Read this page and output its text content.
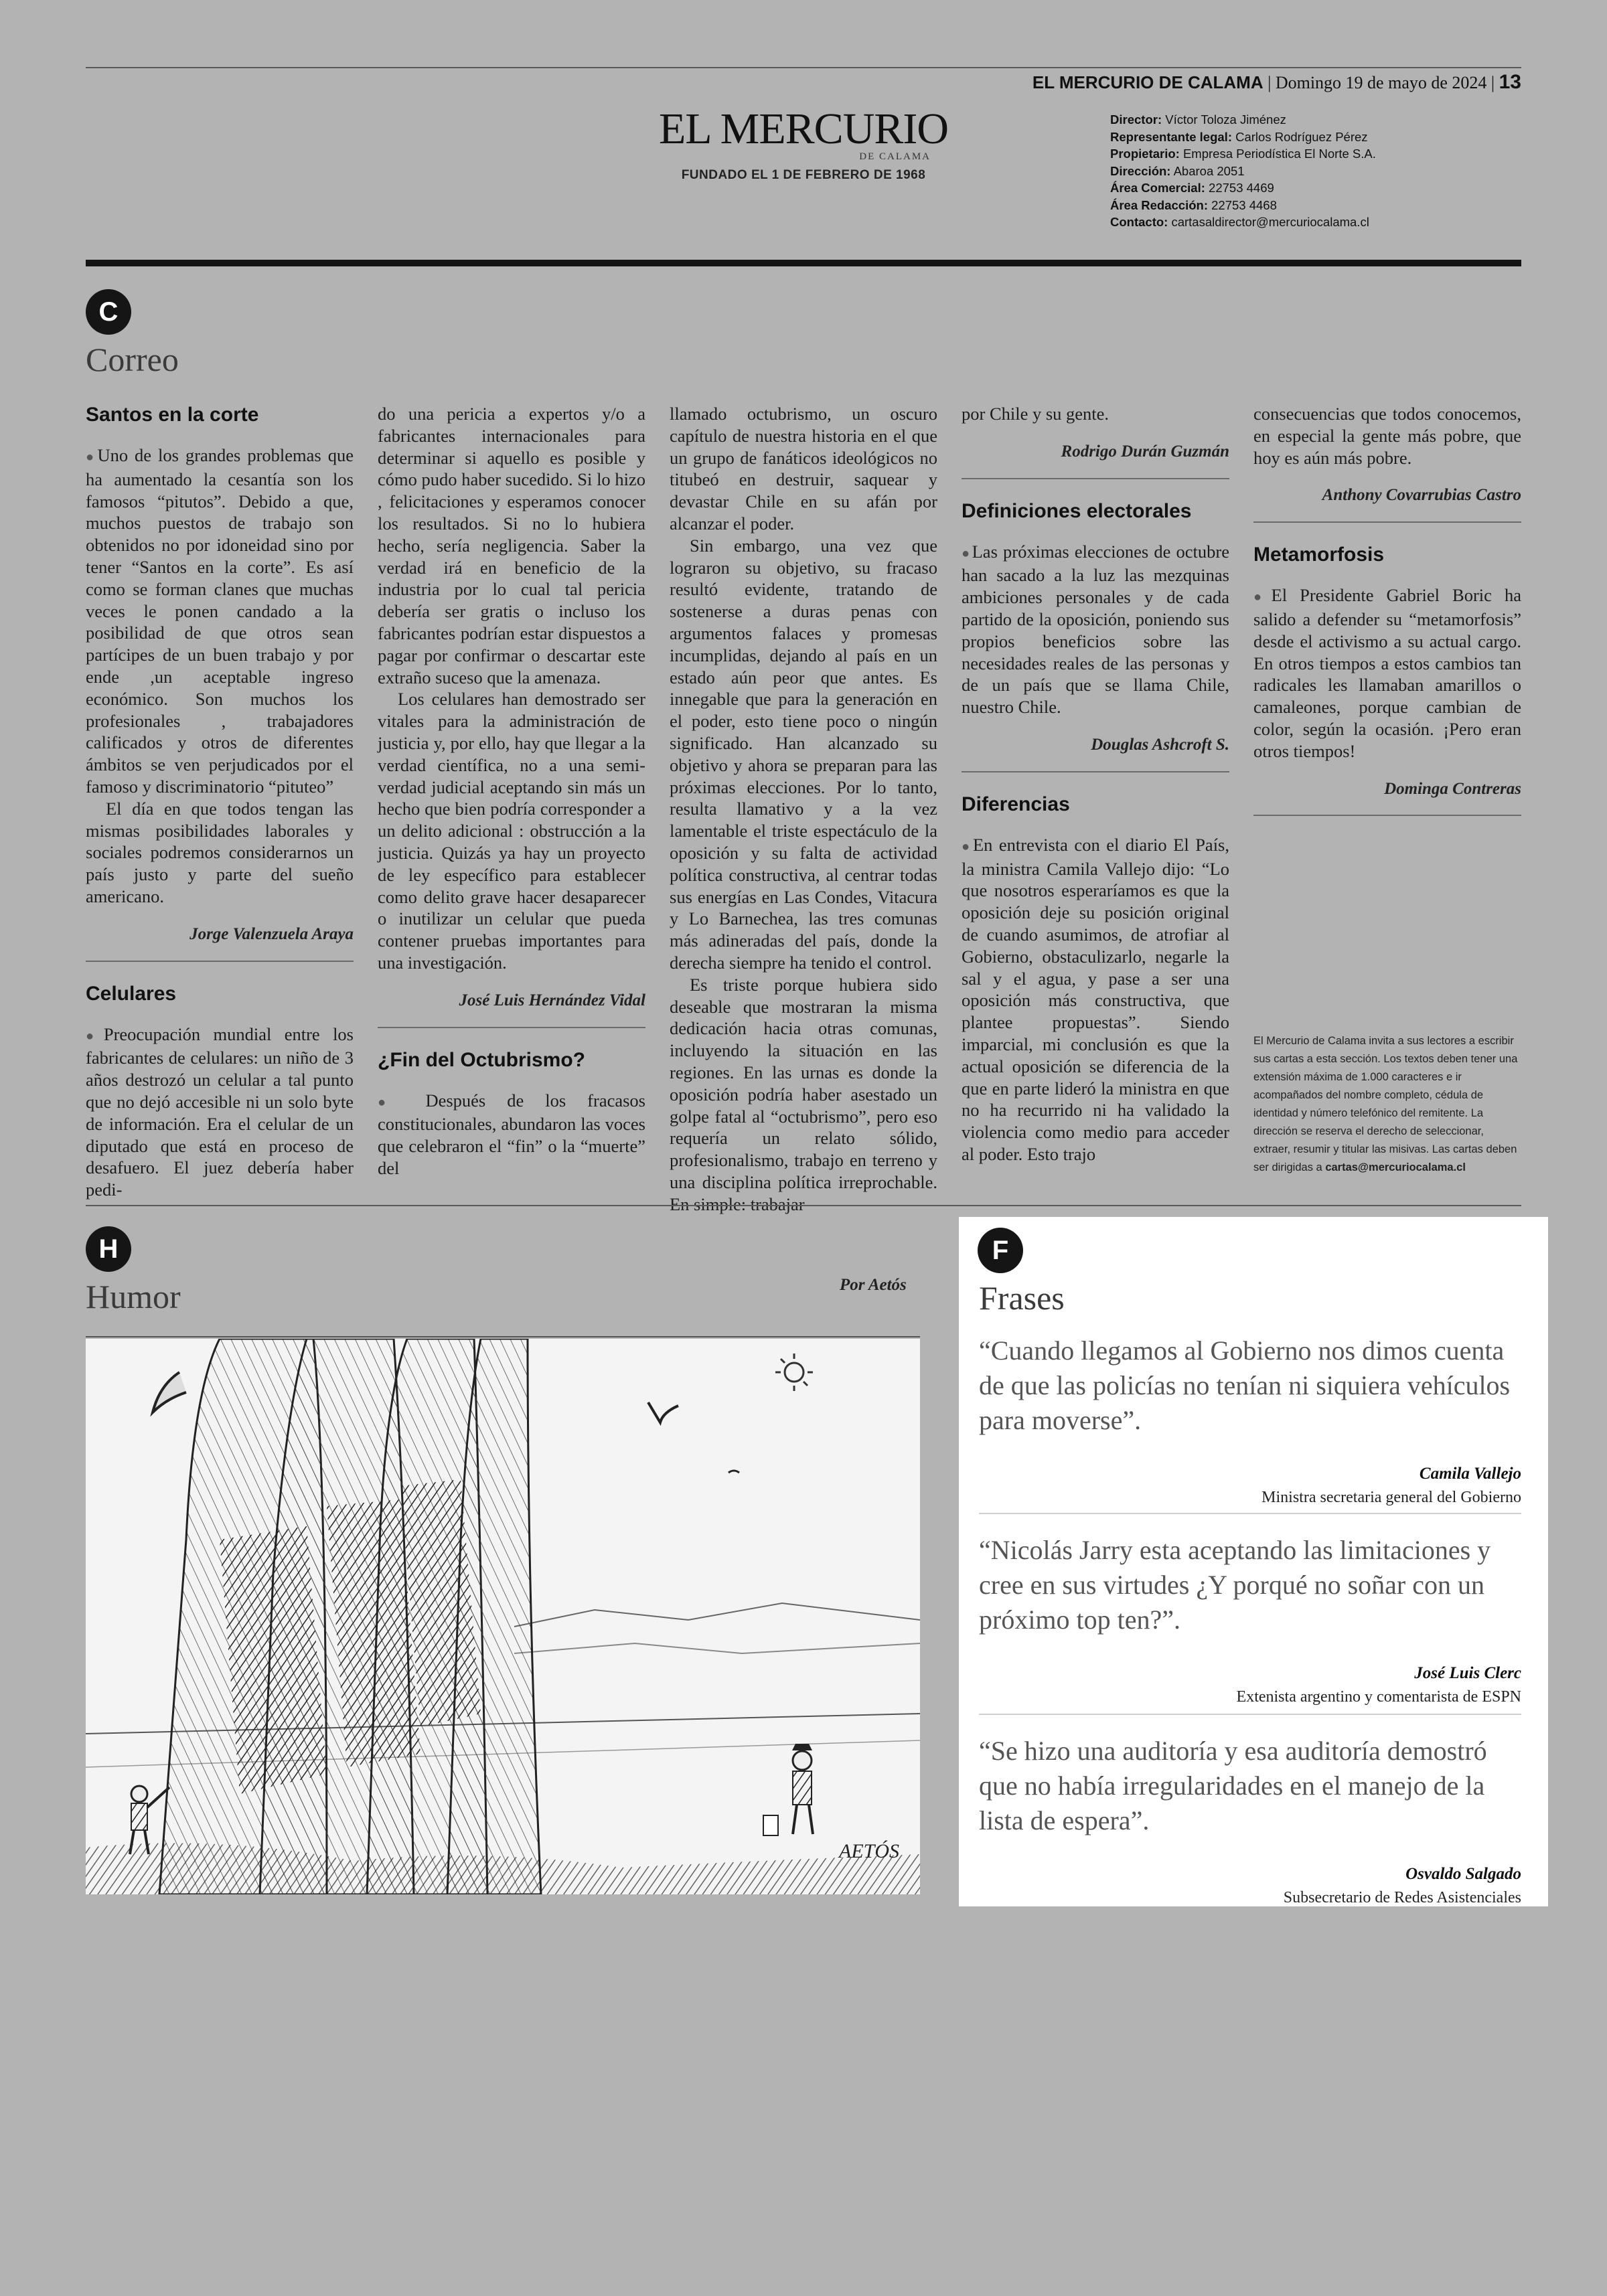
EL MERCURIO DE CALAMA | Domingo 19 de mayo de 2024 | 13
EL MERCURIO
DE CALAMA
FUNDADO EL 1 DE FEBRERO DE 1968
Director: Víctor Toloza Jiménez
Representante legal: Carlos Rodríguez Pérez
Propietario: Empresa Periodística El Norte S.A.
Dirección: Abaroa 2051
Área Comercial: 22753 4469
Área Redacción: 22753 4468
Contacto: cartasaldirector@mercuriocalama.cl
C
Correo
Santos en la corte

●Uno de los grandes problemas que ha aumentado la cesantía son los famosos “pitutos”. Debido a que, muchos puestos de trabajo son obtenidos no por idoneidad sino por tener “Santos en la corte”. Es así como se forman clanes que muchas veces le ponen candado a la posibilidad de que otros sean partícipes de un buen trabajo y por ende ,un aceptable ingreso económico. Son muchos los profesionales , trabajadores calificados y otros de diferentes ámbitos se ven perjudicados por el famoso y discriminatorio “pituteo”

El día en que todos tengan las mismas posibilidades laborales y sociales podremos considerarnos un país justo y parte del sueño americano.

Jorge Valenzuela Araya
Celulares

●Preocupación mundial entre los fabricantes de celulares: un niño de 3 años destrozó un celular a tal punto que no dejó accesible ni un solo byte de información. Era el celular de un diputado que está en proceso de desafuero. El juez debería haber pedi-

do una pericia a expertos y/o a fabricantes internacionales para determinar si aquello es posible y cómo pudo haber sucedido. Si lo hizo , felicitaciones y esperamos conocer los resultados. Si no lo hubiera hecho, sería negligencia. Saber la verdad irá en beneficio de la industria por lo cual tal pericia debería ser gratis o incluso los fabricantes podrían estar dispuestos a pagar por confirmar o descartar este extraño suceso que la amenaza.

Los celulares han demostrado ser vitales para la administración de justicia y, por ello, hay que llegar a la verdad científica, no a una semi-verdad judicial aceptando sin más un hecho que bien podría corresponder a un delito adicional : obstrucción a la justicia. Quizás ya hay un proyecto de ley específico para establecer como delito grave hacer desaparecer o inutilizar un celular que pueda contener pruebas importantes para una investigación.

José Luis Hernández Vidal
¿Fin del Octubrismo?

● Después de los fracasos constitucionales, abundaron las voces que celebraron el “fin” o la “muerte” del

llamado octubrismo, un oscuro capítulo de nuestra historia en el que un grupo de fanáticos ideológicos no titubeó en destruir, saquear y devastar Chile en su afán por alcanzar el poder.

Sin embargo, una vez que lograron su objetivo, su fracaso resultó evidente, tratando de sostenerse a duras penas con argumentos falaces y promesas incumplidas, dejando al país en un estado aún peor que antes. Es innegable que para la generación en el poder, esto tiene poco o ningún significado. Han alcanzado su objetivo y ahora se preparan para las próximas elecciones. Por lo tanto, resulta llamativo y a la vez lamentable el triste espectáculo de la oposición y su falta de actividad política constructiva, al centrar todas sus energías en Las Condes, Vitacura y Lo Barnechea, las tres comunas más adineradas del país, donde la derecha siempre ha tenido el control.

Es triste porque hubiera sido deseable que mostraran la misma dedicación hacia otras comunas, incluyendo la situación en las regiones. En las urnas es donde la oposición podría haber asestado un golpe fatal al “octubrismo”, pero eso requería un relato sólido, profesionalismo, trabajo en terreno y una disciplina política irreprochable. En simple: trabajar

por Chile y su gente.

Rodrigo Durán Guzmán
Definiciones electorales

●Las próximas elecciones de octubre han sacado a la luz las mezquinas ambiciones personales y de cada partido de la oposición, poniendo sus propios beneficios sobre las necesidades reales de las personas y de un país que se llama Chile, nuestro Chile.

Douglas Ashcroft S.
Diferencias

●En entrevista con el diario El País, la ministra Camila Vallejo dijo: “Lo que nosotros esperaríamos es que la oposición deje su posición original de cuando asumimos, de atrofiar al Gobierno, obstaculizarlo, negarle la sal y el agua, y pase a ser una oposición más constructiva, que plantee propuestas”. Siendo imparcial, mi conclusión es que la actual oposición se diferencia de la que en parte lideró la ministra en que no ha recurrido ni ha validado la violencia como medio para acceder al poder. Esto trajo

consecuencias que todos conocemos, en especial la gente más pobre, que hoy es aún más pobre.

Anthony Covarrubias Castro
Metamorfosis

●El Presidente Gabriel Boric ha salido a defender su “metamorfosis” desde el activismo a su actual cargo. En otros tiempos a estos cambios tan radicales les llamaban amarillos o camaleones, porque cambian de color, según la ocasión. ¡Pero eran otros tiempos!

Dominga Contreras
El Mercurio de Calama invita a sus lectores a escribir sus cartas a esta sección. Los textos deben tener una extensión máxima de 1.000 caracteres e ir acompañados del nombre completo, cédula de identidad y número telefónico del remitente. La dirección se reserva el derecho de seleccionar, extraer, resumir y titular las misivas. Las cartas deben ser dirigidas a cartas@mercuriocalama.cl
H
Humor	Por Aetós
AETÓS
F
Frases
“Cuando llegamos al Gobierno nos dimos cuenta de que las policías no tenían ni siquiera vehículos para moverse”.
Camila Vallejo
Ministra secretaria general del Gobierno
“Nicolás Jarry esta aceptando las limitaciones y cree en sus virtudes ¿Y porqué no soñar con un próximo top ten?”.
José Luis Clerc
Extenista argentino y comentarista de ESPN
“Se hizo una auditoría y esa auditoría demostró que no había irregularidades en el manejo de la lista de espera”.
Osvaldo Salgado
Subsecretario de Redes Asistenciales
